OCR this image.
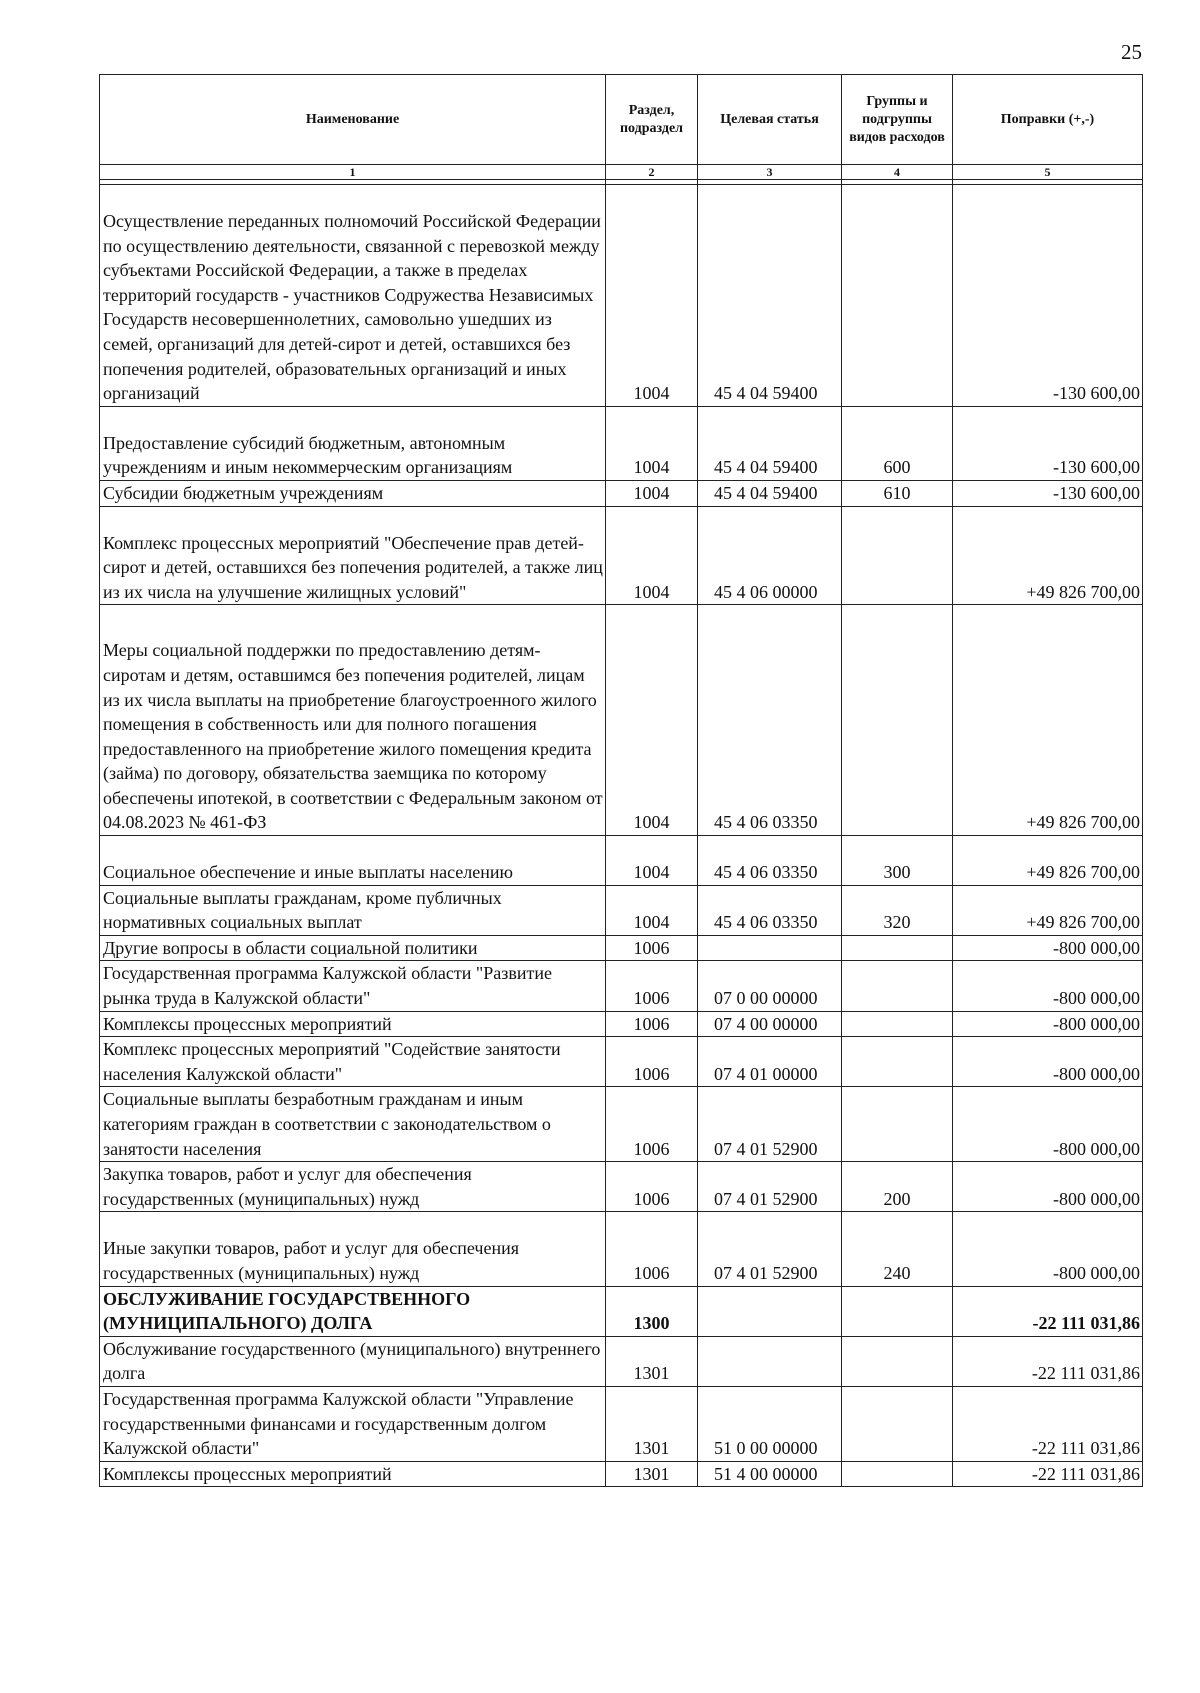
25
Наименование	Раздел, подраздел	Целевая статья	Группы и подгруппы видов расходов	Поправки (+,-)
1	2	3	4	5

Осуществление переданных полномочий Российской Федерации по осуществлению деятельности, связанной с перевозкой между субъектами Российской Федерации, а также в пределах территорий государств - участников Содружества Независимых Государств несовершеннолетних, самовольно ушедших из семей, организаций для детей-сирот и детей, оставшихся без попечения родителей, образовательных организаций и иных организаций	1004	45 4 04 59400		-130 600,00
Предоставление субсидий бюджетным, автономным учреждениям и иным некоммерческим организациям	1004	45 4 04 59400	600	-130 600,00
Субсидии бюджетным учреждениям	1004	45 4 04 59400	610	-130 600,00
Комплекс процессных мероприятий "Обеспечение прав детей-сирот и детей, оставшихся без попечения родителей, а также лиц из их числа на улучшение жилищных условий"	1004	45 4 06 00000		+49 826 700,00
Меры социальной поддержки по предоставлению детям-сиротам и детям, оставшимся без попечения родителей, лицам из их числа выплаты на приобретение благоустроенного жилого помещения в собственность или для полного погашения предоставленного на приобретение жилого помещения кредита (займа) по договору, обязательства заемщика по которому обеспечены ипотекой, в соответствии с Федеральным законом от 04.08.2023 № 461-ФЗ	1004	45 4 06 03350		+49 826 700,00
Социальное обеспечение и иные выплаты населению	1004	45 4 06 03350	300	+49 826 700,00
Социальные выплаты гражданам, кроме публичных нормативных социальных выплат	1004	45 4 06 03350	320	+49 826 700,00
Другие вопросы в области социальной политики	1006			-800 000,00
Государственная программа Калужской области "Развитие рынка труда в Калужской области"	1006	07 0 00 00000		-800 000,00
Комплексы процессных мероприятий	1006	07 4 00 00000		-800 000,00
Комплекс процессных мероприятий "Содействие занятости населения Калужской области"	1006	07 4 01 00000		-800 000,00
Социальные выплаты безработным гражданам и иным категориям граждан в соответствии с законодательством о занятости населения	1006	07 4 01 52900		-800 000,00
Закупка товаров, работ и услуг для обеспечения государственных (муниципальных) нужд	1006	07 4 01 52900	200	-800 000,00
Иные закупки товаров, работ и услуг для обеспечения государственных (муниципальных) нужд	1006	07 4 01 52900	240	-800 000,00
ОБСЛУЖИВАНИЕ ГОСУДАРСТВЕННОГО (МУНИЦИПАЛЬНОГО) ДОЛГА	1300			-22 111 031,86
Обслуживание государственного (муниципального) внутреннего долга	1301			-22 111 031,86
Государственная программа Калужской области "Управление государственными финансами и государственным долгом Калужской области"	1301	51 0 00 00000		-22 111 031,86
Комплексы процессных мероприятий	1301	51 4 00 00000		-22 111 031,86
